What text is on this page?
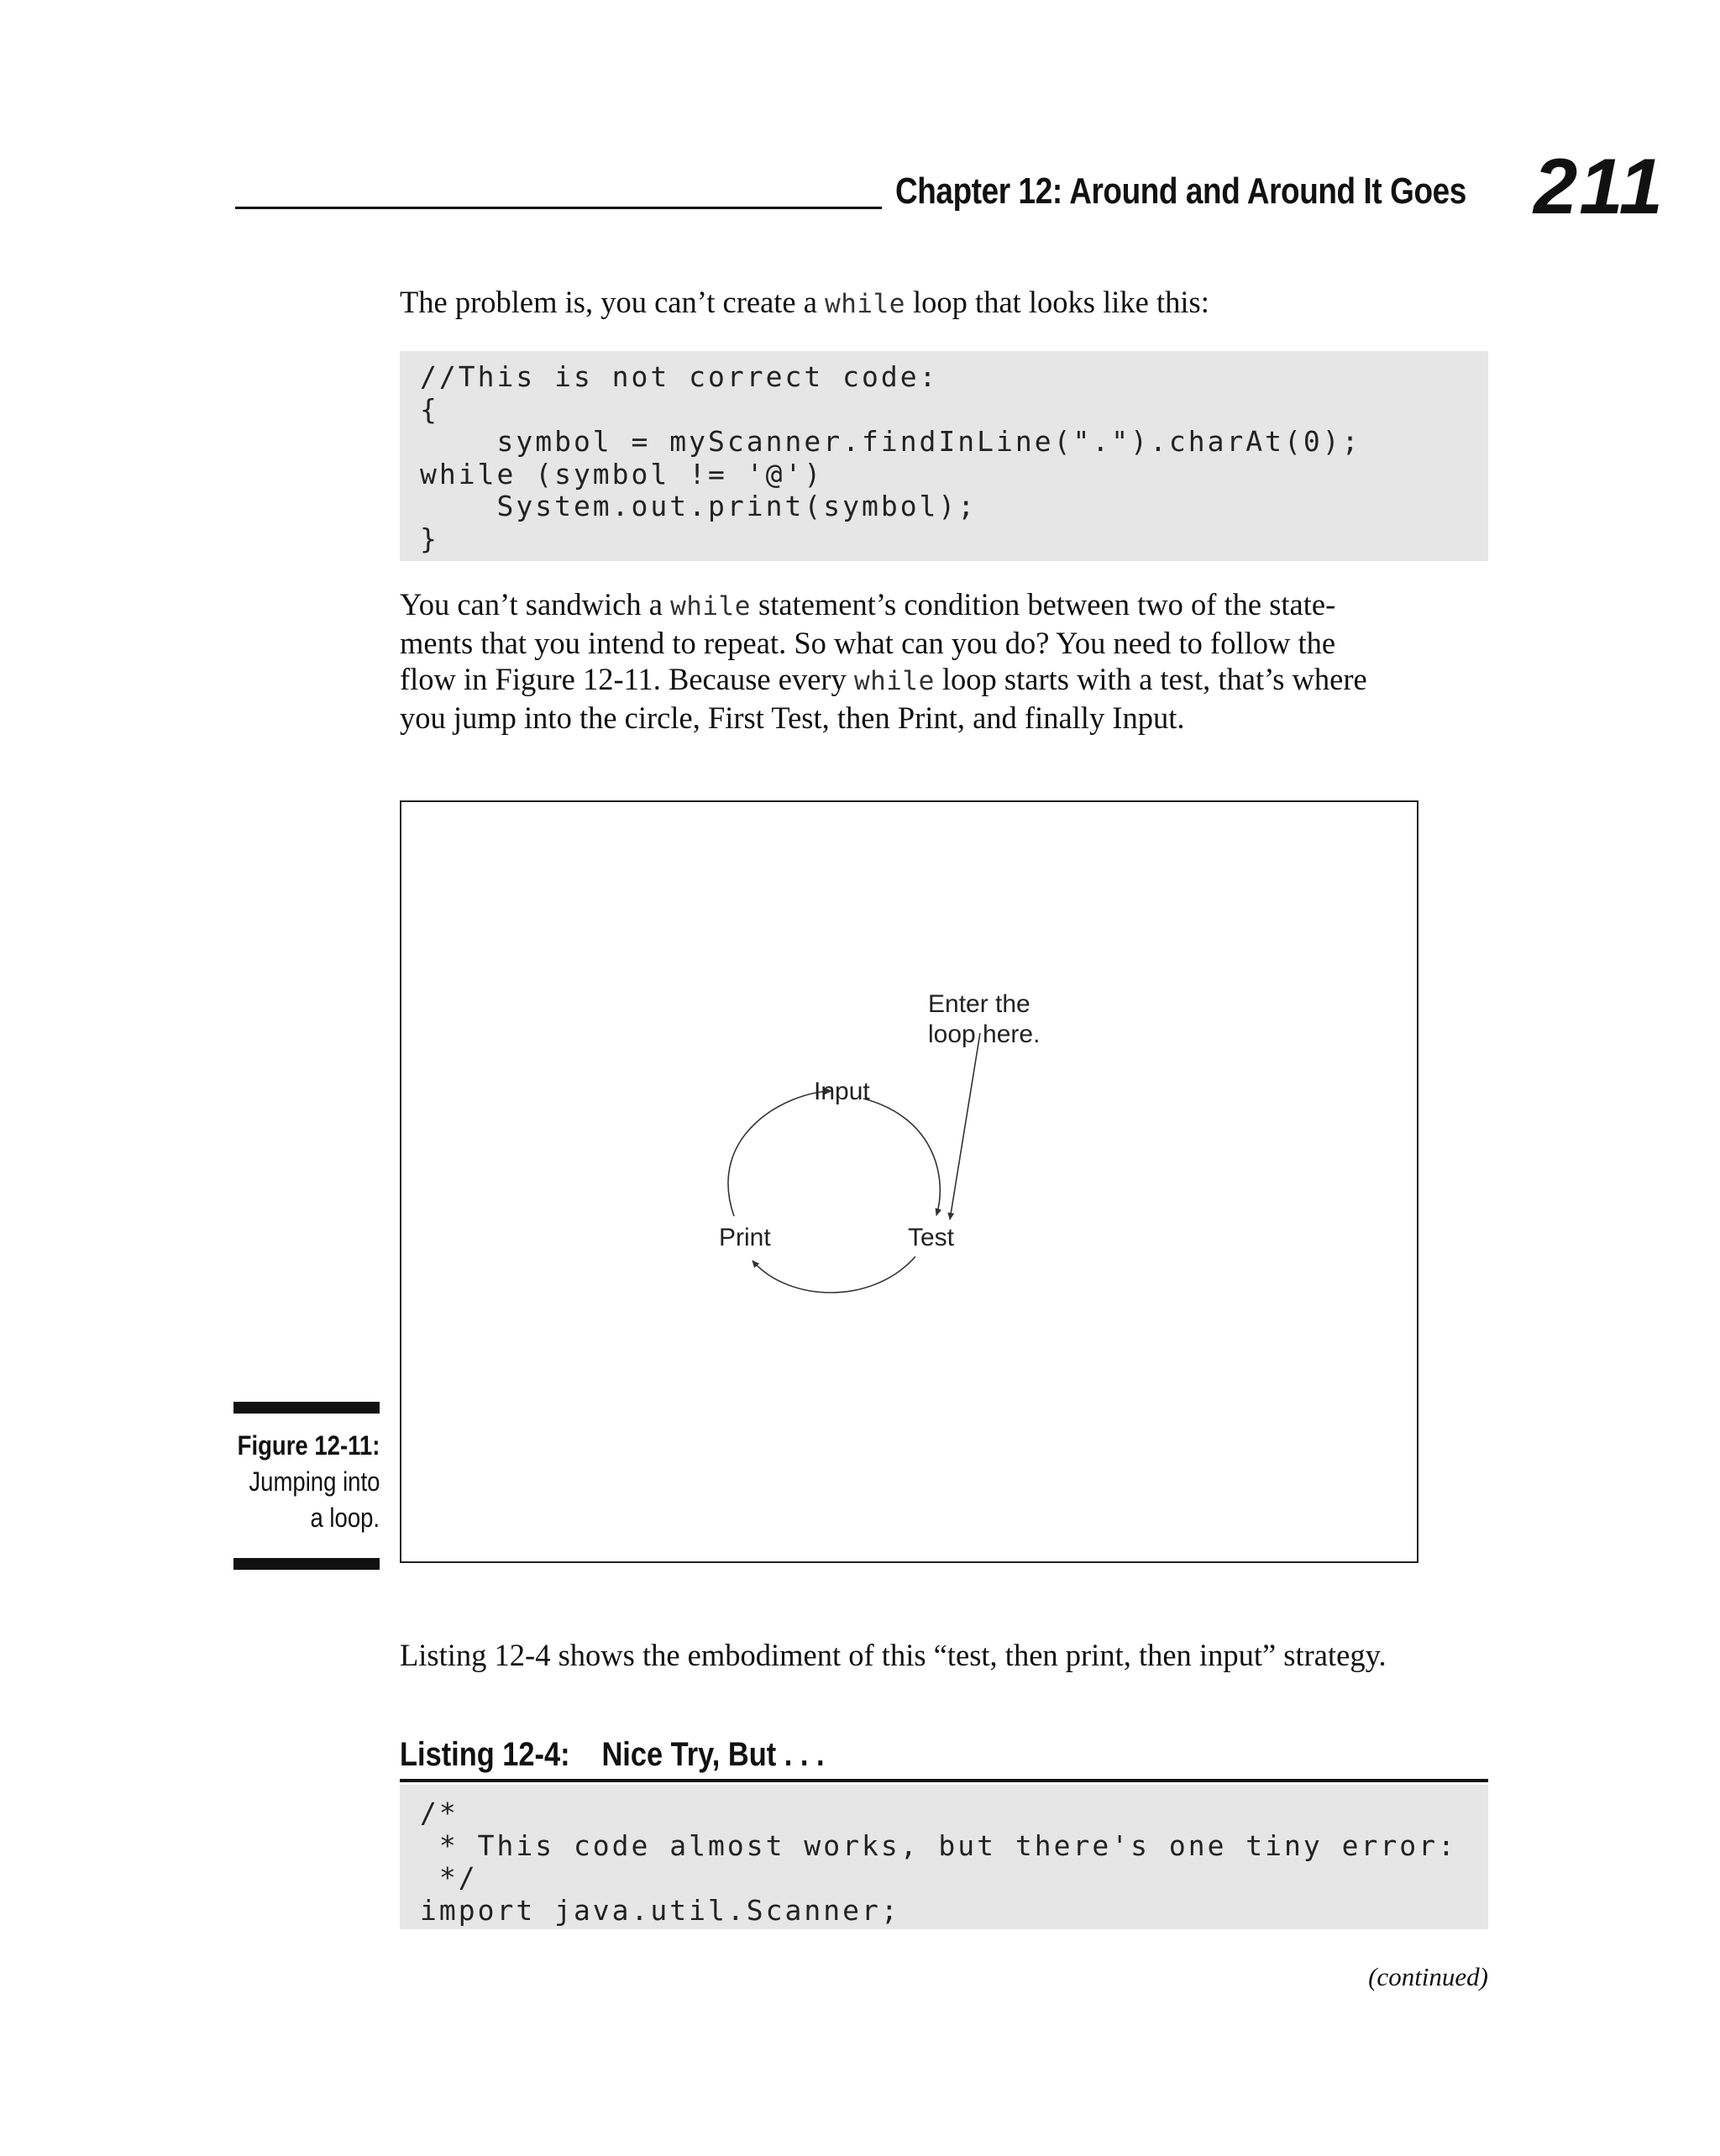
Chapter 12: Around and Around It Goes 211
The problem is, you can’t create a while loop that looks like this:
//This is not correct code:
{
symbol = myScanner.findInLine(".").charAt(0);
while (symbol != '@')
System.out.print(symbol);
}
You can’t sandwich a while statement’s condition between two of the state-
ments that you intend to repeat. So what can you do? You need to follow the
flow in Figure 12-11. Because every while loop starts with a test, that’s where
you jump into the circle, First Test, then Print, and finally Input.
Enter the
loop here.
Input
Print	Test
Figure 12-11:
Jumping into
a loop.
Listing 12-4 shows the embodiment of this “test, then print, then input” strategy.
Listing 12-4: Nice Try, But . . .
/*
* This code almost works, but there's one tiny error:
*/
import java.util.Scanner;
(continued)
